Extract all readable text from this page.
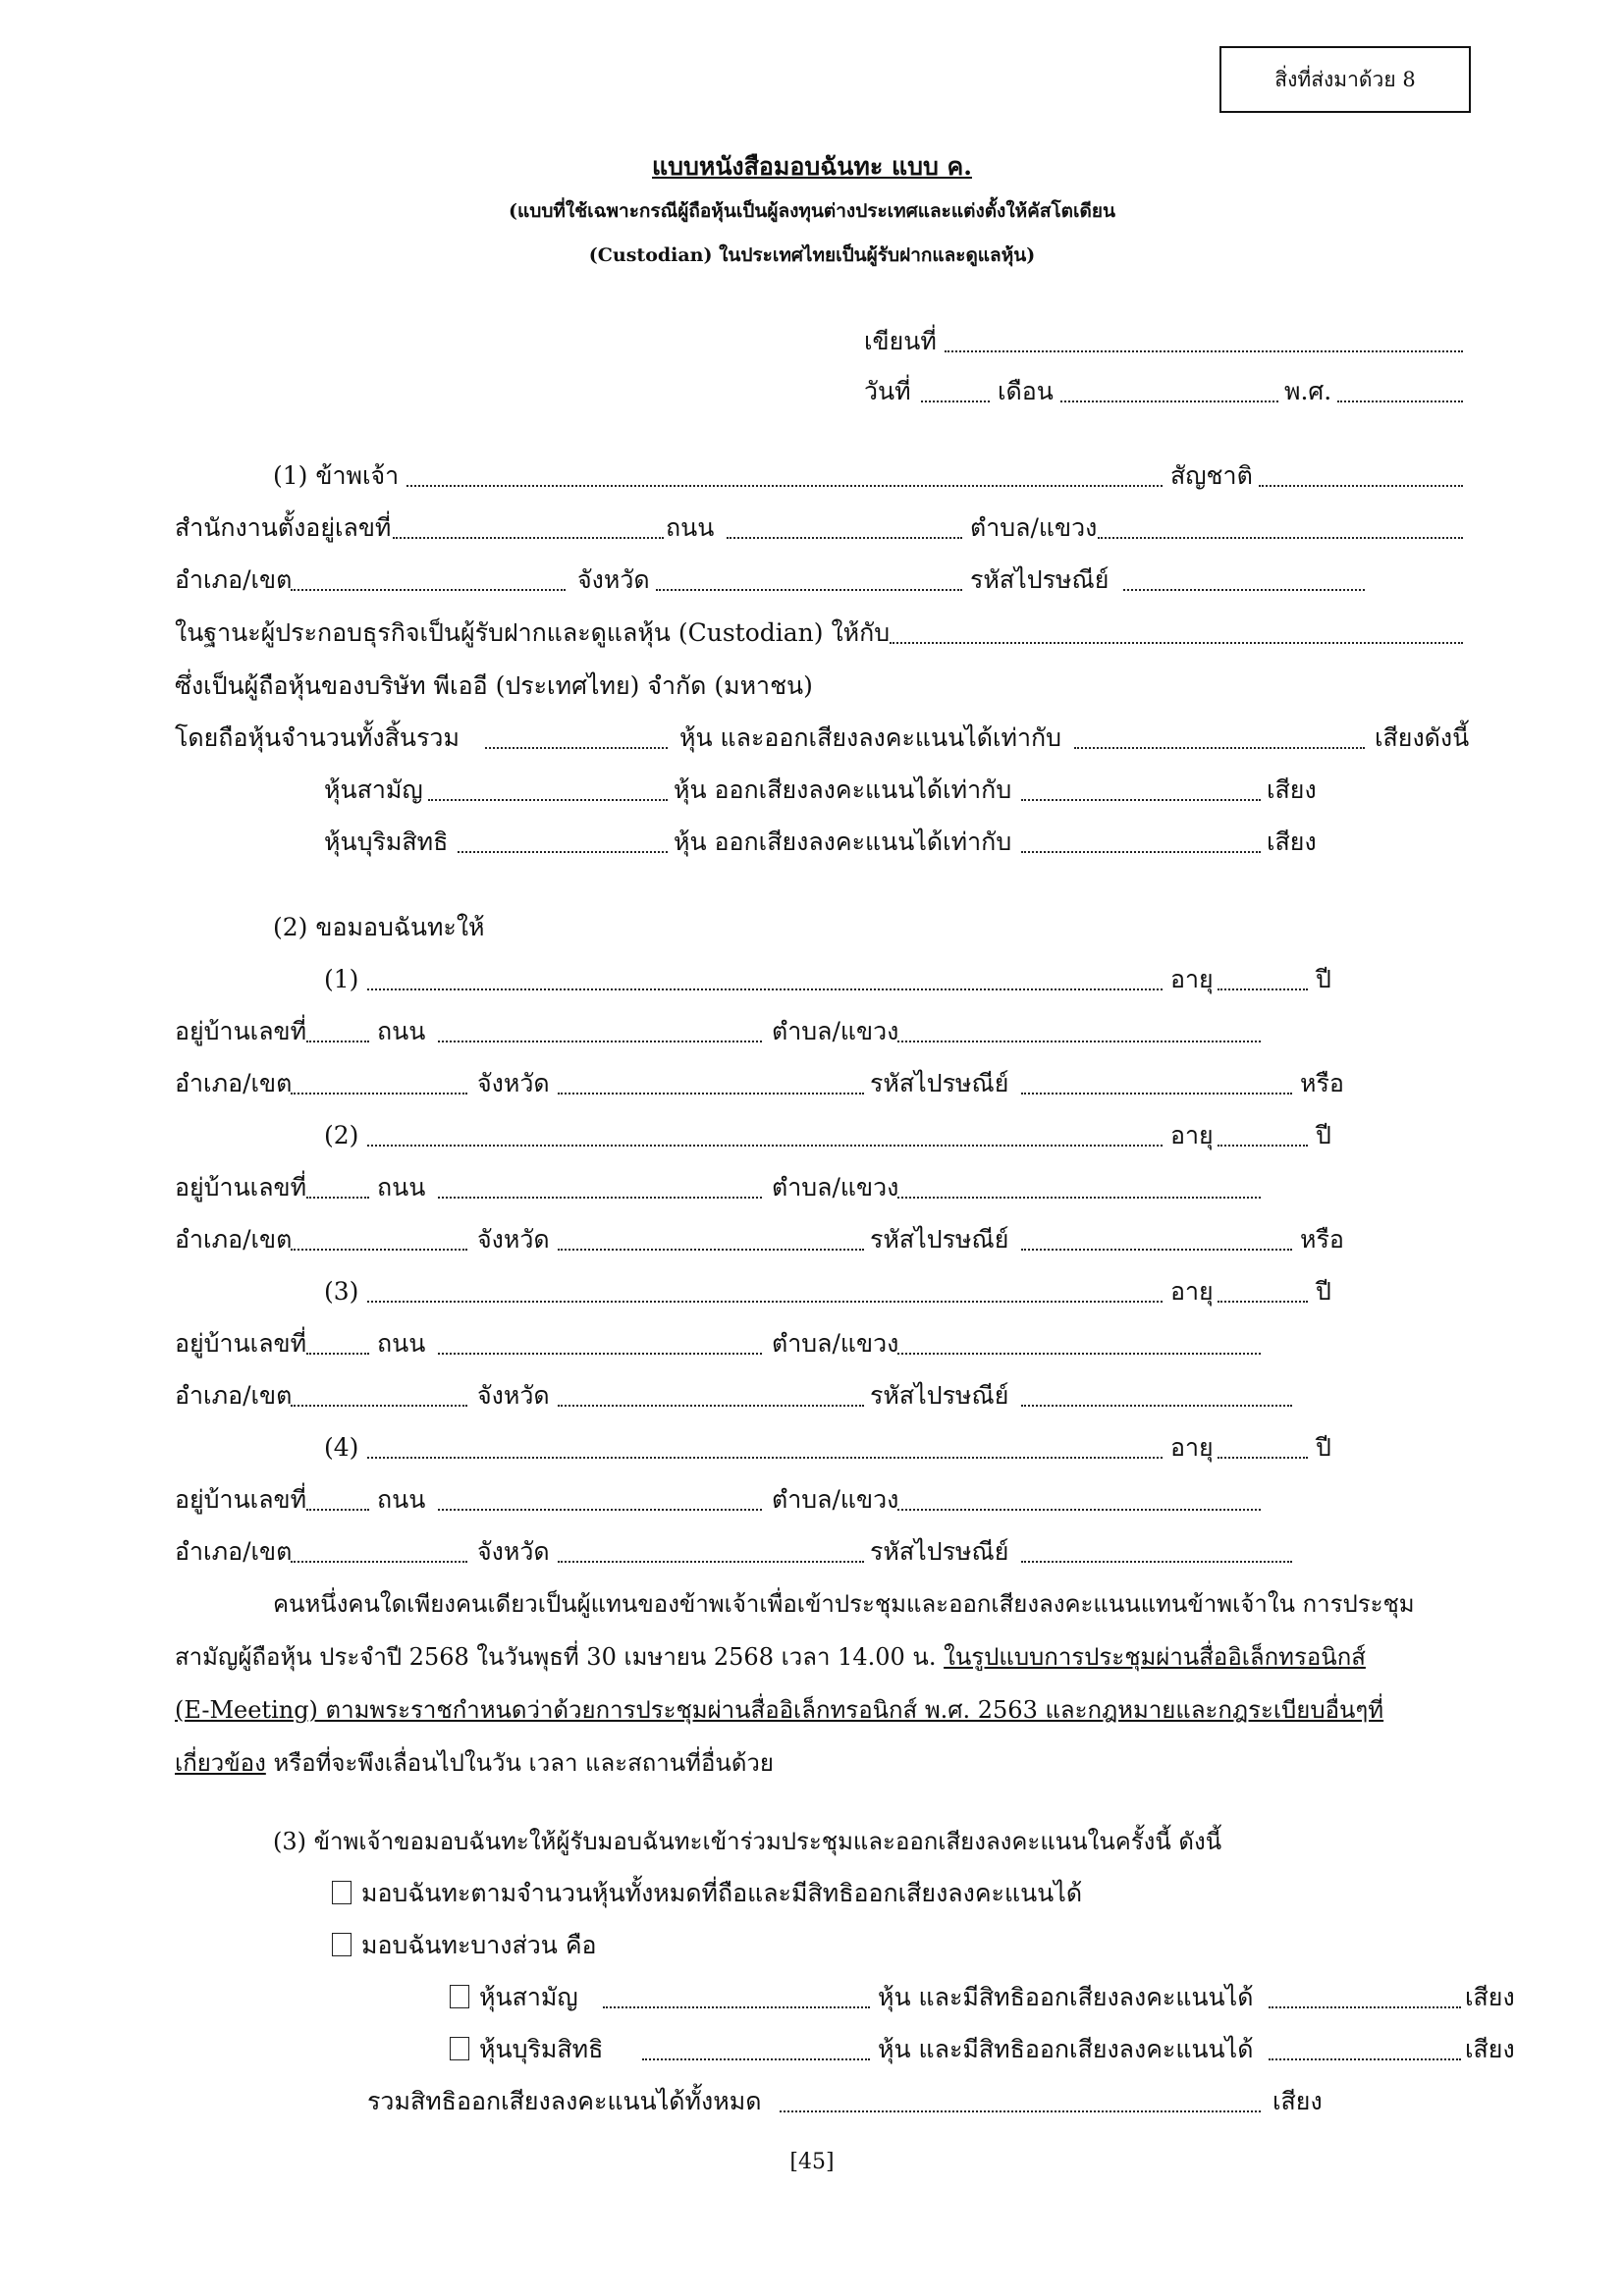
สิ่งที่ส่งมาด้วย 8
แบบหนังสือมอบฉันทะ แบบ ค.
(แบบที่ใช้เฉพาะกรณีผู้ถือหุ้นเป็นผู้ลงทุนต่างประเทศและแต่งตั้งให้คัสโตเดียน
(Custodian) ในประเทศไทยเป็นผู้รับฝากและดูแลหุ้น)
เขียนที่
วันที่	เดือน	พ.ศ.
(1) ข้าพเจ้า	สัญชาติ
สำนักงานตั้งอยู่เลขที่	ถนน	ตำบล/แขวง
อำเภอ/เขต	จังหวัด	รหัสไปรษณีย์
ในฐานะผู้ประกอบธุรกิจเป็นผู้รับฝากและดูแลหุ้น (Custodian) ให้กับ
ซึ่งเป็นผู้ถือหุ้นของบริษัท พีเออี (ประเทศไทย) จำกัด (มหาชน)
โดยถือหุ้นจำนวนทั้งสิ้นรวม	หุ้น และออกเสียงลงคะแนนได้เท่ากับ	เสียงดังนี้
หุ้นสามัญ	หุ้น ออกเสียงลงคะแนนได้เท่ากับ	เสียง
หุ้นบุริมสิทธิ	หุ้น ออกเสียงลงคะแนนได้เท่ากับ	เสียง
(2) ขอมอบฉันทะให้
(1)	อายุ	ปี
อยู่บ้านเลขที่	ถนน	ตำบล/แขวง
อำเภอ/เขต	จังหวัด	รหัสไปรษณีย์	หรือ
(2)	อายุ	ปี
อยู่บ้านเลขที่	ถนน	ตำบล/แขวง
อำเภอ/เขต	จังหวัด	รหัสไปรษณีย์	หรือ
(3)	อายุ	ปี
อยู่บ้านเลขที่	ถนน	ตำบล/แขวง
อำเภอ/เขต	จังหวัด	รหัสไปรษณีย์
(4)	อายุ	ปี
อยู่บ้านเลขที่	ถนน	ตำบล/แขวง
อำเภอ/เขต	จังหวัด	รหัสไปรษณีย์
คนหนึ่งคนใดเพียงคนเดียวเป็นผู้แทนของข้าพเจ้าเพื่อเข้าประชุมและออกเสียงลงคะแนนแทนข้าพเจ้าใน การประชุม
สามัญผู้ถือหุ้น ประจำปี 2568 ในวันพุธที่ 30 เมษายน 2568 เวลา 14.00 น. ในรูปแบบการประชุมผ่านสื่ออิเล็กทรอนิกส์
(E-Meeting) ตามพระราชกำหนดว่าด้วยการประชุมผ่านสื่ออิเล็กทรอนิกส์ พ.ศ. 2563 และกฎหมายและกฎระเบียบอื่นๆที่
เกี่ยวข้อง หรือที่จะพึงเลื่อนไปในวัน เวลา และสถานที่อื่นด้วย
(3) ข้าพเจ้าขอมอบฉันทะให้ผู้รับมอบฉันทะเข้าร่วมประชุมและออกเสียงลงคะแนนในครั้งนี้ ดังนี้
มอบฉันทะตามจำนวนหุ้นทั้งหมดที่ถือและมีสิทธิออกเสียงลงคะแนนได้
มอบฉันทะบางส่วน คือ
หุ้นสามัญ	หุ้น และมีสิทธิออกเสียงลงคะแนนได้	เสียง
หุ้นบุริมสิทธิ	หุ้น และมีสิทธิออกเสียงลงคะแนนได้	เสียง
รวมสิทธิออกเสียงลงคะแนนได้ทั้งหมด	เสียง
[45]
